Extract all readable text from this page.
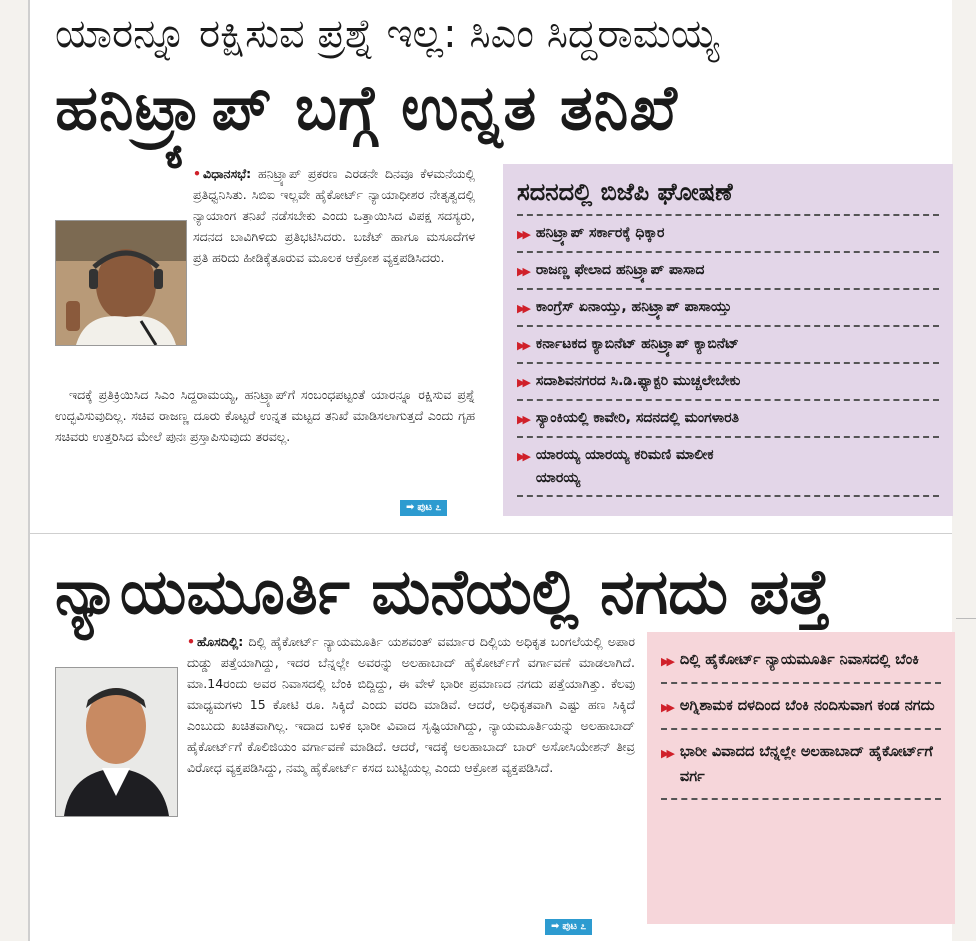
ಯಾರನ್ನೂ ರಕ್ಷಿಸುವ ಪ್ರಶ್ನೆ ಇಲ್ಲ: ಸಿಎಂ ಸಿದ್ದರಾಮಯ್ಯ
ಹನಿಟ್ರ್ಯಾಪ್ ಬಗ್ಗೆ ಉನ್ನತ ತನಿಖೆ

• ವಿಧಾನಸಭೆ: ಹನಿಟ್ರ್ಯಾಪ್ ಪ್ರಕರಣ ಎರಡನೇ ದಿನವೂ ಕೆಳಮನೆಯಲ್ಲಿ ಪ್ರತಿಧ್ವನಿಸಿತು. ಸಿಬಿಐ ಇಲ್ಲವೇ ಹೈಕೋರ್ಟ್ ನ್ಯಾಯಾಧೀಶರ ನೇತೃತ್ವದಲ್ಲಿ ನ್ಯಾಯಾಂಗ ತನಿಖೆ ನಡೆಸಬೇಕು ಎಂದು ಒತ್ತಾಯಿಸಿದ ವಿಪಕ್ಷ ಸದಸ್ಯರು, ಸದನದ ಬಾವಿಗಿಳಿದು ಪ್ರತಿಭಟಿಸಿದರು. ಬಜೆಟ್ ಹಾಗೂ ಮಸೂದೆಗಳ ಪ್ರತಿ ಹರಿದು ಹೀಡಿಕ್ಕೆತೂರುವ ಮೂಲಕ ಆಕ್ರೋಶ ವ್ಯಕ್ತಪಡಿಸಿದರು.

ಇದಕ್ಕೆ ಪ್ರತಿಕ್ರಿಯಿಸಿದ ಸಿಎಂ ಸಿದ್ದರಾಮಯ್ಯ, ಹನಿಟ್ರ್ಯಾಪ್‌ಗೆ ಸಂಬಂಧಪಟ್ಟಂತೆ ಯಾರನ್ನೂ ರಕ್ಷಿಸುವ ಪ್ರಶ್ನೆ ಉದ್ಭವಿಸುವುದಿಲ್ಲ. ಸಚಿವ ರಾಜಣ್ಣ ದೂರು ಕೊಟ್ಟರೆ ಉನ್ನತ ಮಟ್ಟದ ತನಿಖೆ ಮಾಡಿಸಲಾಗುತ್ತದೆ ಎಂದು ಗೃಹ ಸಚಿವರು ಉತ್ತರಿಸಿದ ಮೇಲೆ ಪುನಃ ಪ್ರಸ್ತಾಪಿಸುವುದು ತರವಲ್ಲ.

➡ ಪುಟ ೭
ಸದನದಲ್ಲಿ ಬಿಜೆಪಿ ಘೋಷಣೆ
▶▶ ಹನಿಟ್ರ್ಯಾಪ್ ಸರ್ಕಾರಕ್ಕೆ ಧಿಕ್ಕಾರ
▶▶ ರಾಜಣ್ಣ ಫೇಲಾದ ಹನಿಟ್ರ್ಯಾಪ್ ಪಾಸಾದ
▶▶ ಕಾಂಗ್ರೆಸ್ ಏನಾಯ್ತು, ಹನಿಟ್ರ್ಯಾಪ್ ಪಾಸಾಯ್ತು
▶▶ ಕರ್ನಾಟಕದ ಕ್ಯಾಬಿನೆಟ್ ಹನಿಟ್ರ್ಯಾಪ್ ಕ್ಯಾಬಿನೆಟ್
▶▶ ಸದಾಶಿವನಗರದ ಸಿ.ಡಿ.ಫ್ಯಾಕ್ಟರಿ ಮುಚ್ಚಲೇಬೇಕು
▶▶ ಸ್ಯಾಂಕಿಯಲ್ಲಿ ಕಾವೇರಿ, ಸದನದಲ್ಲಿ ಮಂಗಳಾರತಿ
▶▶ ಯಾರಯ್ಯ ಯಾರಯ್ಯ ಕರಿಮಣಿ ಮಾಲೀಕ ಯಾರಯ್ಯ
ನ್ಯಾಯಮೂರ್ತಿ ಮನೆಯಲ್ಲಿ ನಗದು ಪತ್ತೆ

• ಹೊಸದಿಲ್ಲಿ: ದಿಲ್ಲಿ ಹೈಕೋರ್ಟ್ ನ್ಯಾಯಮೂರ್ತಿ ಯಶವಂತ್ ವರ್ಮಾರ ದಿಲ್ಲಿಯ ಅಧಿಕೃತ ಬಂಗಲೆಯಲ್ಲಿ ಅಪಾರ ದುಡ್ಡು ಪತ್ತೆಯಾಗಿದ್ದು, ಇದರ ಬೆನ್ನಲ್ಲೇ ಅವರನ್ನು ಅಲಹಾಬಾದ್ ಹೈಕೋರ್ಟ್‌ಗೆ ವರ್ಗಾವಣೆ ಮಾಡಲಾಗಿದೆ. ಮಾ.14ರಂದು ಅವರ ನಿವಾಸದಲ್ಲಿ ಬೆಂಕಿ ಬಿದ್ದಿದ್ದು, ಈ ವೇಳೆ ಭಾರೀ ಪ್ರಮಾಣದ ನಗದು ಪತ್ತೆಯಾಗಿತ್ತು. ಕೆಲವು ಮಾಧ್ಯಮಗಳು 15 ಕೋಟಿ ರೂ. ಸಿಕ್ಕಿದೆ ಎಂದು ವರದಿ ಮಾಡಿವೆ. ಆದರೆ, ಅಧಿಕೃತವಾಗಿ ಎಷ್ಟು ಹಣ ಸಿಕ್ಕಿದೆ ಎಂಬುದು ಖಚಿತವಾಗಿಲ್ಲ. ಇದಾದ ಬಳಿಕ ಭಾರೀ ವಿವಾದ ಸೃಷ್ಟಿಯಾಗಿದ್ದು, ನ್ಯಾಯಮೂರ್ತಿಯನ್ನು ಅಲಹಾಬಾದ್ ಹೈಕೋರ್ಟ್‌ಗೆ ಕೊಲಿಜಿಯಂ ವರ್ಗಾವಣೆ ಮಾಡಿದೆ. ಆದರೆ, ಇದಕ್ಕೆ ಅಲಹಾಬಾದ್ ಬಾರ್ ಅಸೋಸಿಯೇಶನ್ ತೀವ್ರ ವಿರೋಧ ವ್ಯಕ್ತಪಡಿಸಿದ್ದು, ನಮ್ಮ ಹೈಕೋರ್ಟ್ ಕಸದ ಬುಟ್ಟಿಯಲ್ಲ ಎಂದು ಆಕ್ರೋಶ ವ್ಯಕ್ತಪಡಿಸಿದೆ.

➡ ಪುಟ ೭
▶▶ ದಿಲ್ಲಿ ಹೈಕೋರ್ಟ್ ನ್ಯಾಯಮೂರ್ತಿ ನಿವಾಸದಲ್ಲಿ ಬೆಂಕಿ
▶▶ ಅಗ್ನಿಶಾಮಕ ದಳದಿಂದ ಬೆಂಕಿ ನಂದಿಸುವಾಗ ಕಂಡ ನಗದು
▶▶ ಭಾರೀ ವಿವಾದದ ಬೆನ್ನಲ್ಲೇ ಅಲಹಾಬಾದ್ ಹೈಕೋರ್ಟ್‌ಗೆ ವರ್ಗ
